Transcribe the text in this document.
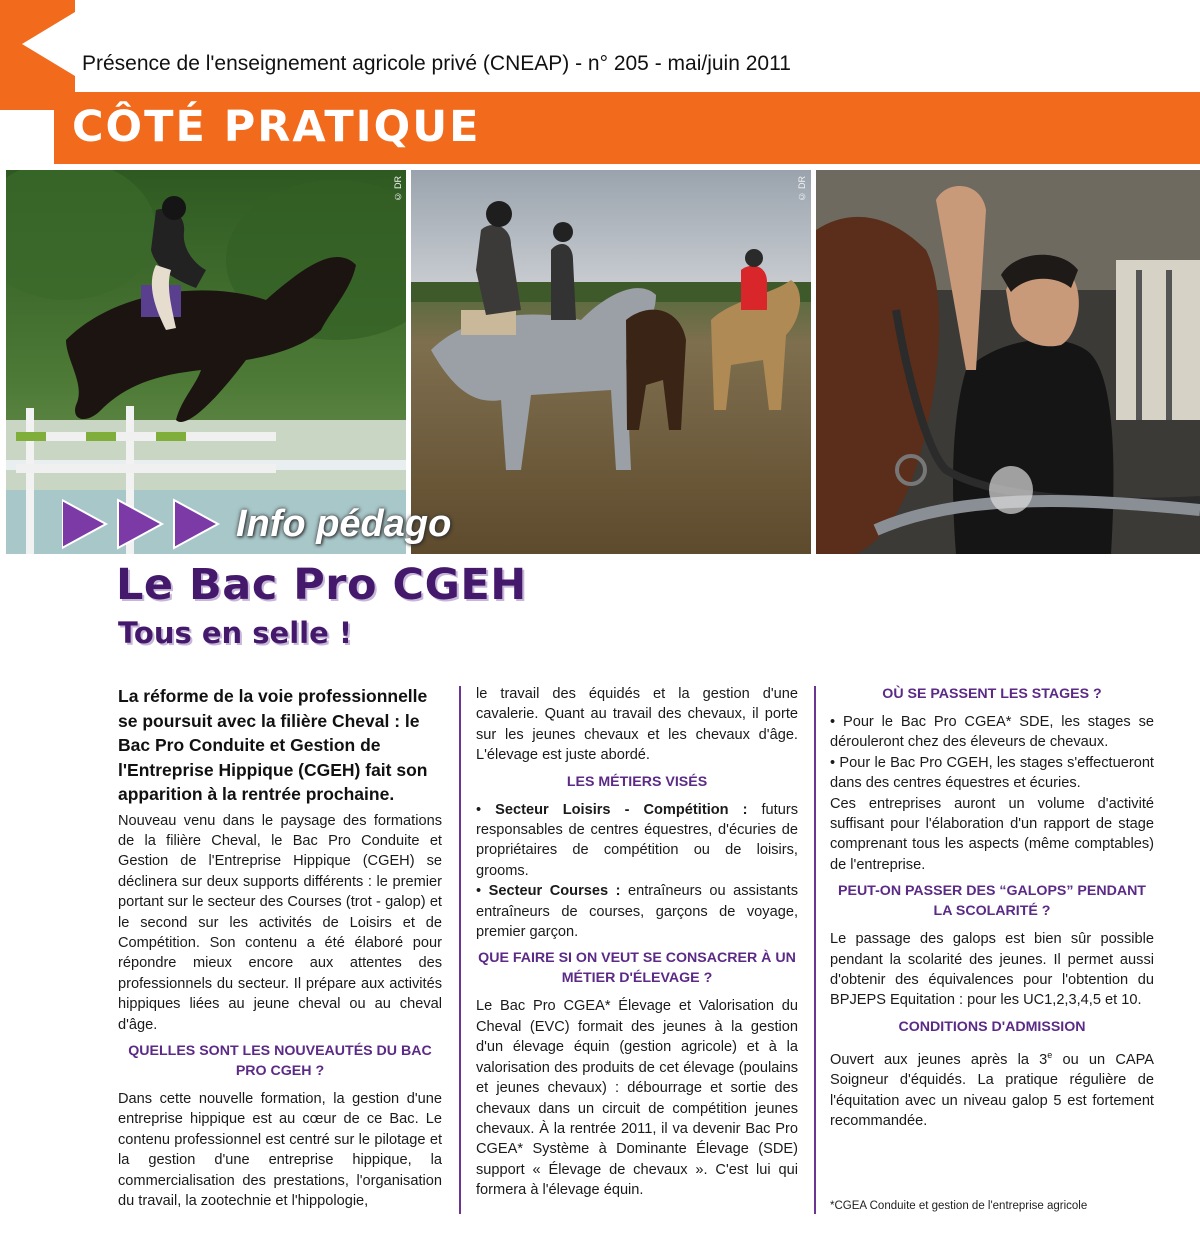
Présence de l'enseignement agricole privé (CNEAP) - n° 205 - mai/juin 2011
CÔTÉ PRATIQUE
© DR	© DR
Info pédago
Le Bac Pro CGEH
Tous en selle !

La réforme de la voie professionnelle se poursuit avec la filière Cheval : le Bac Pro Conduite et Gestion de l'Entreprise Hippique (CGEH) fait son apparition à la rentrée prochaine.

Nouveau venu dans le paysage des formations de la filière Cheval, le Bac Pro Conduite et Gestion de l'Entreprise Hippique (CGEH) se déclinera sur deux supports différents : le premier portant sur le secteur des Courses (trot - galop) et le second sur les activités de Loisirs et de Compétition. Son contenu a été élaboré pour répondre mieux encore aux attentes des professionnels du secteur. Il prépare aux activités hippiques liées au jeune cheval ou au cheval d'âge.

QUELLES SONT LES NOUVEAUTÉS DU BAC PRO CGEH ?

Dans cette nouvelle formation, la gestion d'une entreprise hippique est au cœur de ce Bac. Le contenu professionnel est centré sur le pilotage et la gestion d'une entreprise hippique, la commercialisation des prestations, l'organisation du travail, la zootechnie et l'hippologie,

le travail des équidés et la gestion d'une cavalerie. Quant au travail des chevaux, il porte sur les jeunes chevaux et les chevaux d'âge. L'élevage est juste abordé.

LES MÉTIERS VISÉS

• Secteur Loisirs - Compétition : futurs responsables de centres équestres, d'écuries de propriétaires de compétition ou de loisirs, grooms.

• Secteur Courses : entraîneurs ou assistants entraîneurs de courses, garçons de voyage, premier garçon.

QUE FAIRE SI ON VEUT SE CONSACRER À UN MÉTIER D'ÉLEVAGE ?

Le Bac Pro CGEA* Élevage et Valorisation du Cheval (EVC) formait des jeunes à la gestion d'un élevage équin (gestion agricole) et à la valorisation des produits de cet élevage (poulains et jeunes chevaux) : débourrage et sortie des chevaux dans un circuit de compétition jeunes chevaux. À la rentrée 2011, il va devenir Bac Pro CGEA* Système à Dominante Élevage (SDE) support « Élevage de chevaux ». C'est lui qui formera à l'élevage équin.

OÙ SE PASSENT LES STAGES ?

• Pour le Bac Pro CGEA* SDE, les stages se dérouleront chez des éleveurs de chevaux.

• Pour le Bac Pro CGEH, les stages s'effectueront dans des centres équestres et écuries.

Ces entreprises auront un volume d'activité suffisant pour l'élaboration d'un rapport de stage comprenant tous les aspects (même comptables) de l'entreprise.

PEUT-ON PASSER DES “GALOPS” PENDANT LA SCOLARITÉ ?

Le passage des galops est bien sûr possible pendant la scolarité des jeunes. Il permet aussi d'obtenir des équivalences pour l'obtention du BPJEPS Equitation : pour les UC1,2,3,4,5 et 10.

CONDITIONS D'ADMISSION

Ouvert aux jeunes après la 3e ou un CAPA Soigneur d'équidés. La pratique régulière de l'équitation avec un niveau galop 5 est fortement recommandée.

*CGEA Conduite et gestion de l'entreprise agricole
